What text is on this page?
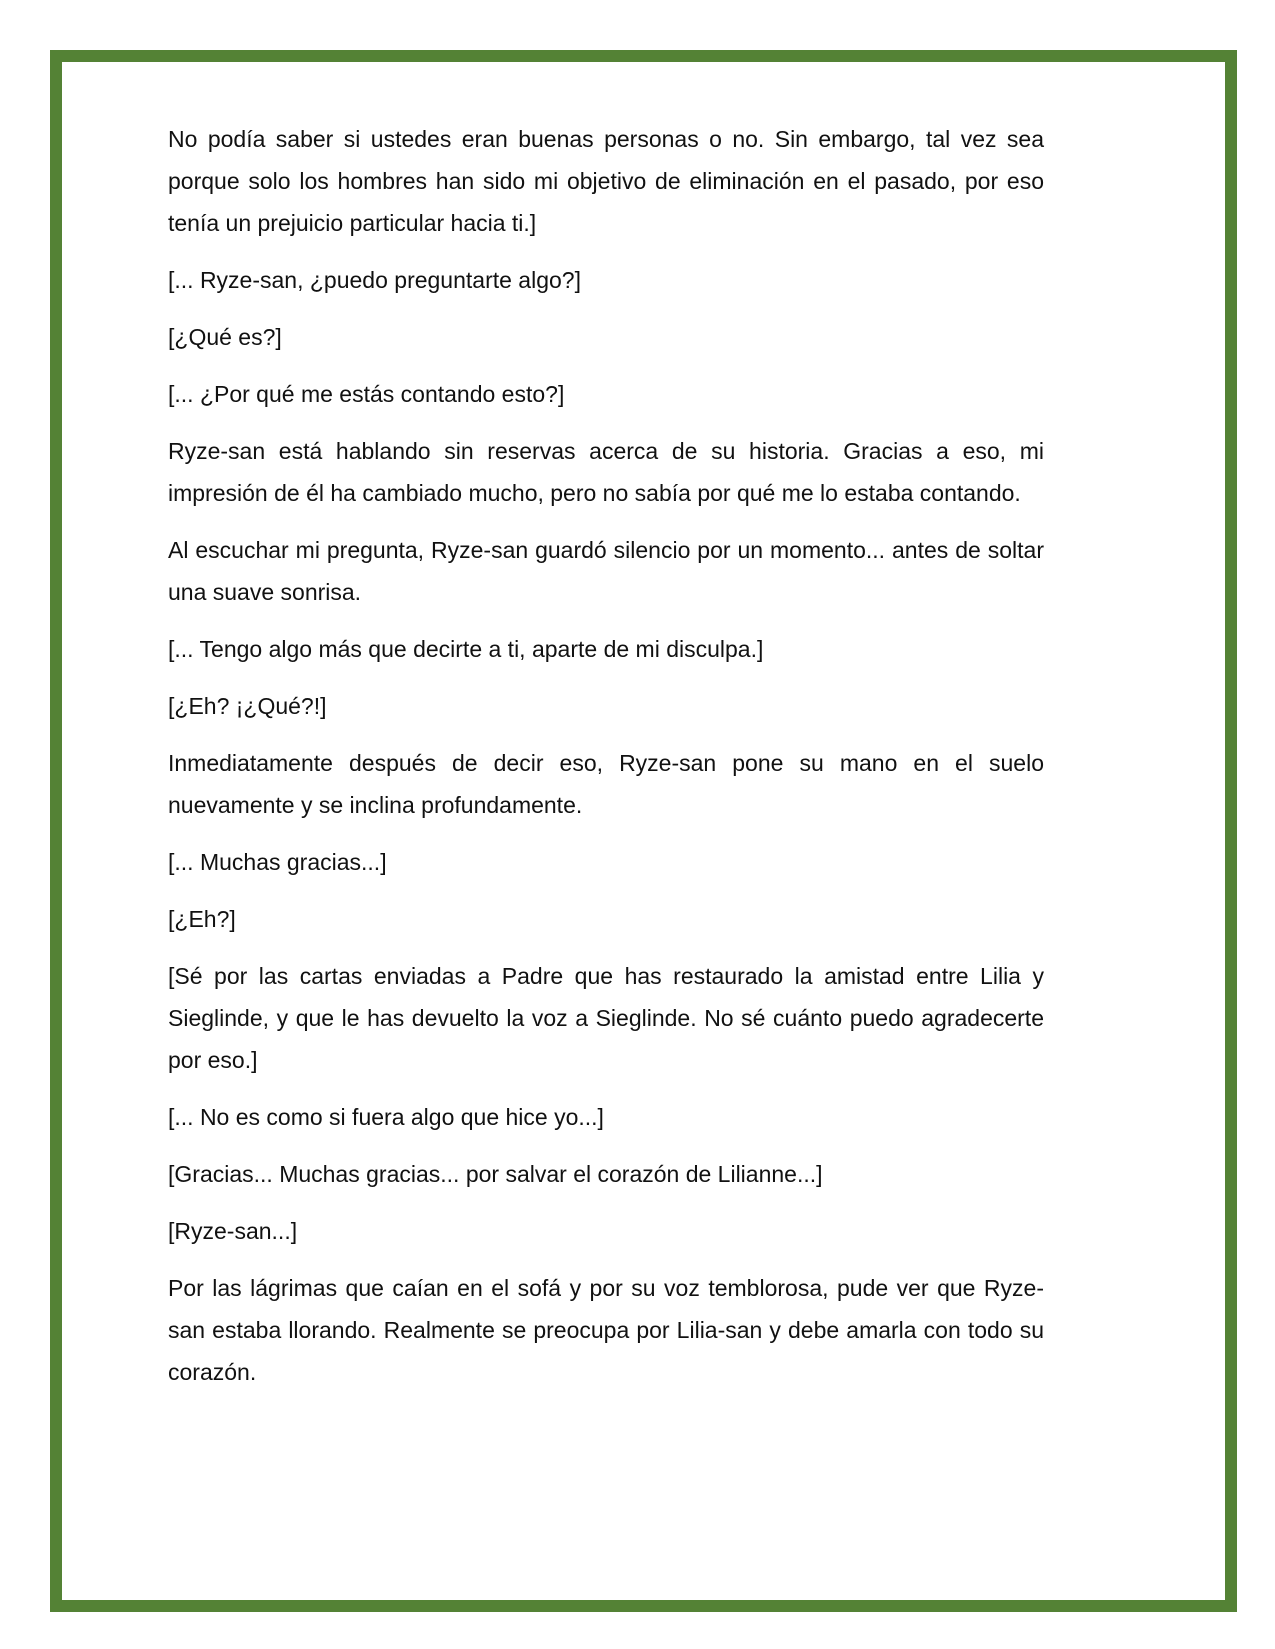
No podía saber si ustedes eran buenas personas o no. Sin embargo, tal vez sea porque solo los hombres han sido mi objetivo de eliminación en el pasado, por eso tenía un prejuicio particular hacia ti.]

[... Ryze-san, ¿puedo preguntarte algo?]

[¿Qué es?]

[... ¿Por qué me estás contando esto?]

Ryze-san está hablando sin reservas acerca de su historia. Gracias a eso, mi impresión de él ha cambiado mucho, pero no sabía por qué me lo estaba contando.

Al escuchar mi pregunta, Ryze-san guardó silencio por un momento... antes de soltar una suave sonrisa.

[... Tengo algo más que decirte a ti, aparte de mi disculpa.]

[¿Eh? ¡¿Qué?!]

Inmediatamente después de decir eso, Ryze-san pone su mano en el suelo nuevamente y se inclina profundamente.

[... Muchas gracias...]

[¿Eh?]

[Sé por las cartas enviadas a Padre que has restaurado la amistad entre Lilia y Sieglinde, y que le has devuelto la voz a Sieglinde. No sé cuánto puedo agradecerte por eso.]

[... No es como si fuera algo que hice yo...]

[Gracias... Muchas gracias... por salvar el corazón de Lilianne...]

[Ryze-san...]

Por las lágrimas que caían en el sofá y por su voz temblorosa, pude ver que Ryze-san estaba llorando. Realmente se preocupa por Lilia-san y debe amarla con todo su corazón.
